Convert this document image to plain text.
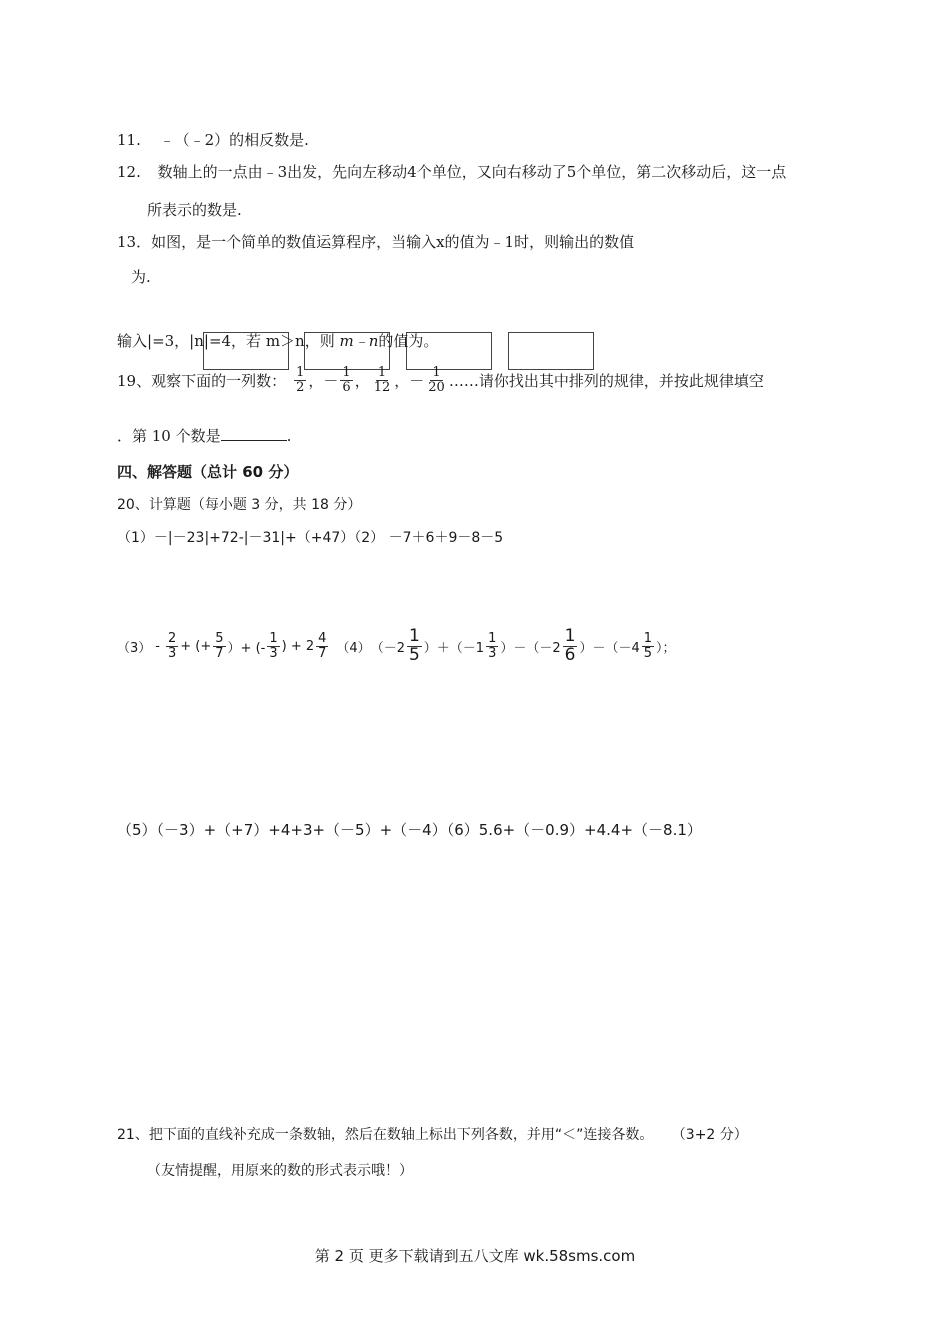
11. ﹣（﹣2）的相反数是.
12. 数轴上的一点由﹣3出发，先向左移动4个单位，又向右移动了5个单位，第二次移动后，这一点
所表示的数是.
13．如图，是一个简单的数值运算程序，当输入x的值为﹣1时，则输出的数值
为.
输入|=3，|n|=4，若 m＞n，则 m﹣n的值为。
19、观察下面的一列数： 1
2 ， － 1
6 ， 1
12 ， － 1
20 ……请你找出其中排列的规律，并按此规律填空
．第 10 个数是	.
四、解答题（总计 60 分）
20、计算题（每小题 3 分，共 18 分）
（1）－|－23|+72-|－31|+（+47）（2） －7＋6＋9－8－5
（3） -
2
3 + (+ $\frac{5}{7}$ ）+ (-
1
3 ) + 2
4
7 （4） （－2
1
5 ）＋（－1
1
3 ）－（－2
1
6 ）－（－4
1
5 ）；
（5）（－3）+（+7）+4+3+（－5）+（－4）（6）5.6+（－0.9）+4.4+（－8.1）
21、把下面的直线补充成一条数轴，然后在数轴上标出下列各数，并用“＜”连接各数。 （3+2 分）
（友情提醒，用原来的数的形式表示哦！）
第 2 页 更多下载请到五八文库 wk.58sms.com
